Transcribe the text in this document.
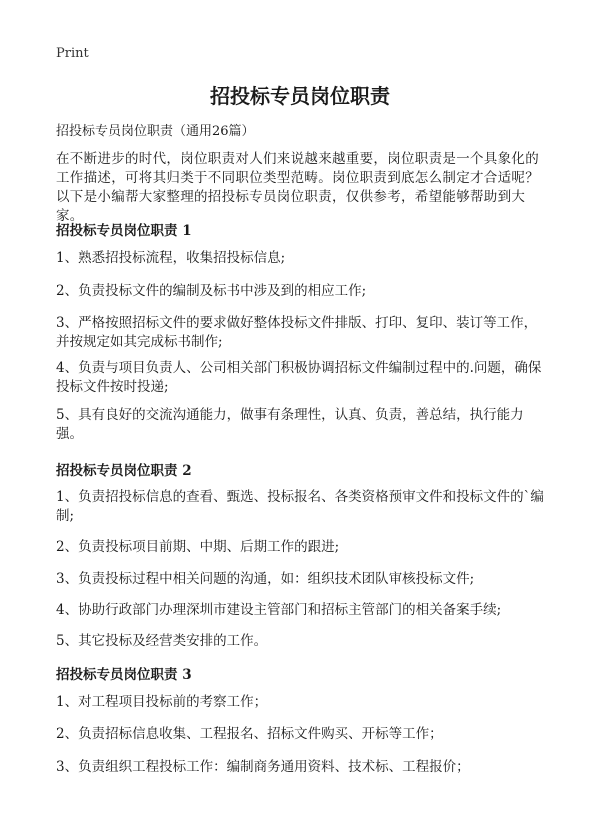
Print
招投标专员岗位职责
招投标专员岗位职责（通用26篇）

在不断进步的时代，岗位职责对人们来说越来越重要，岗位职责是一个具象化的工作描述，可将其归类于不同职位类型范畴。岗位职责到底怎么制定才合适呢？以下是小编帮大家整理的招投标专员岗位职责，仅供参考，希望能够帮助到大家。

招投标专员岗位职责 1

1、熟悉招投标流程，收集招投标信息;

2、负责投标文件的编制及标书中涉及到的相应工作;

3、严格按照招标文件的要求做好整体投标文件排版、打印、复印、装订等工作，并按规定如其完成标书制作;

4、负责与项目负责人、公司相关部门积极协调招标文件编制过程中的.问题，确保投标文件按时投递;

5、具有良好的交流沟通能力，做事有条理性，认真、负责，善总结，执行能力强。

招投标专员岗位职责 2

1、负责招投标信息的查看、甄选、投标报名、各类资格预审文件和投标文件的`编制;

2、负责投标项目前期、中期、后期工作的跟进;

3、负责投标过程中相关问题的沟通，如：组织技术团队审核投标文件;

4、协助行政部门办理深圳市建设主管部门和招标主管部门的相关备案手续;

5、其它投标及经营类安排的工作。

招投标专员岗位职责 3

1、对工程项目投标前的考察工作；

2、负责招标信息收集、工程报名、招标文件购买、开标等工作；

3、负责组织工程投标工作：编制商务通用资料、技术标、工程报价；
